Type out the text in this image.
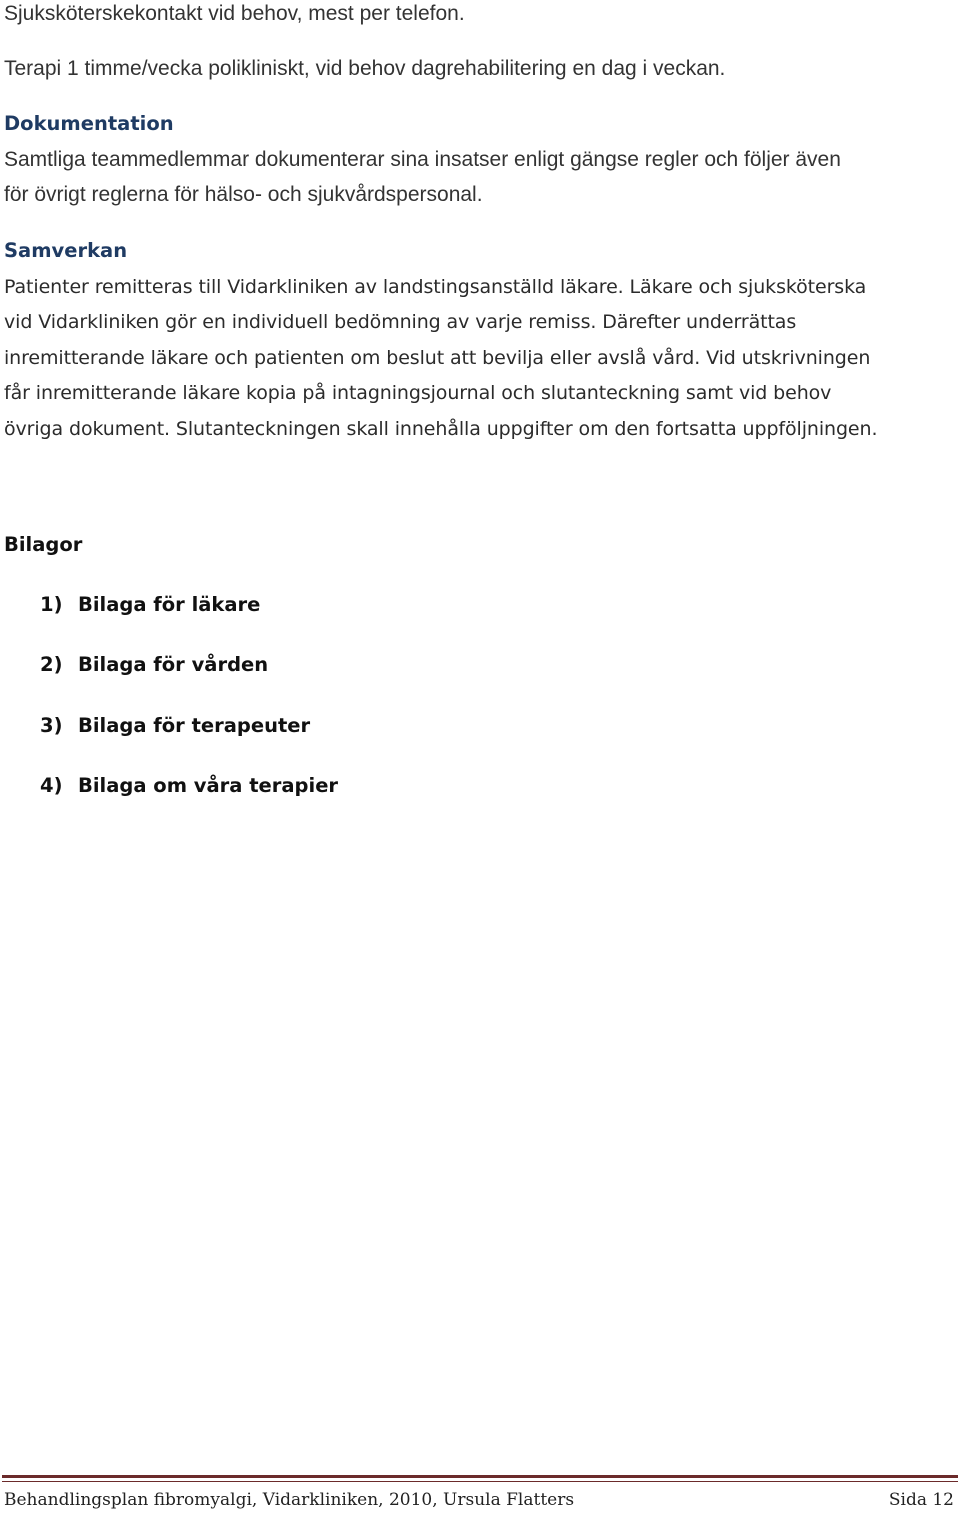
Sjuksköterskekontakt vid behov, mest per telefon.
Terapi 1 timme/vecka polikliniskt, vid behov dagrehabilitering en dag i veckan.
Dokumentation
Samtliga teammedlemmar dokumenterar sina insatser enligt gängse regler och följer även
för övrigt reglerna för hälso- och sjukvårdspersonal.
Samverkan
Patienter remitteras till Vidarkliniken av landstingsanställd läkare. Läkare och sjuksköterska
vid Vidarkliniken gör en individuell bedömning av varje remiss. Därefter underrättas
inremitterande läkare och patienten om beslut att bevilja eller avslå vård. Vid utskrivningen
får inremitterande läkare kopia på intagningsjournal och slutanteckning samt vid behov
övriga dokument. Slutanteckningen skall innehålla uppgifter om den fortsatta uppföljningen.
Bilagor
1) Bilaga för läkare
2) Bilaga för vården
3) Bilaga för terapeuter
4) Bilaga om våra terapier
Behandlingsplan fibromyalgi, Vidarkliniken, 2010, Ursula Flatters	Sida 12
